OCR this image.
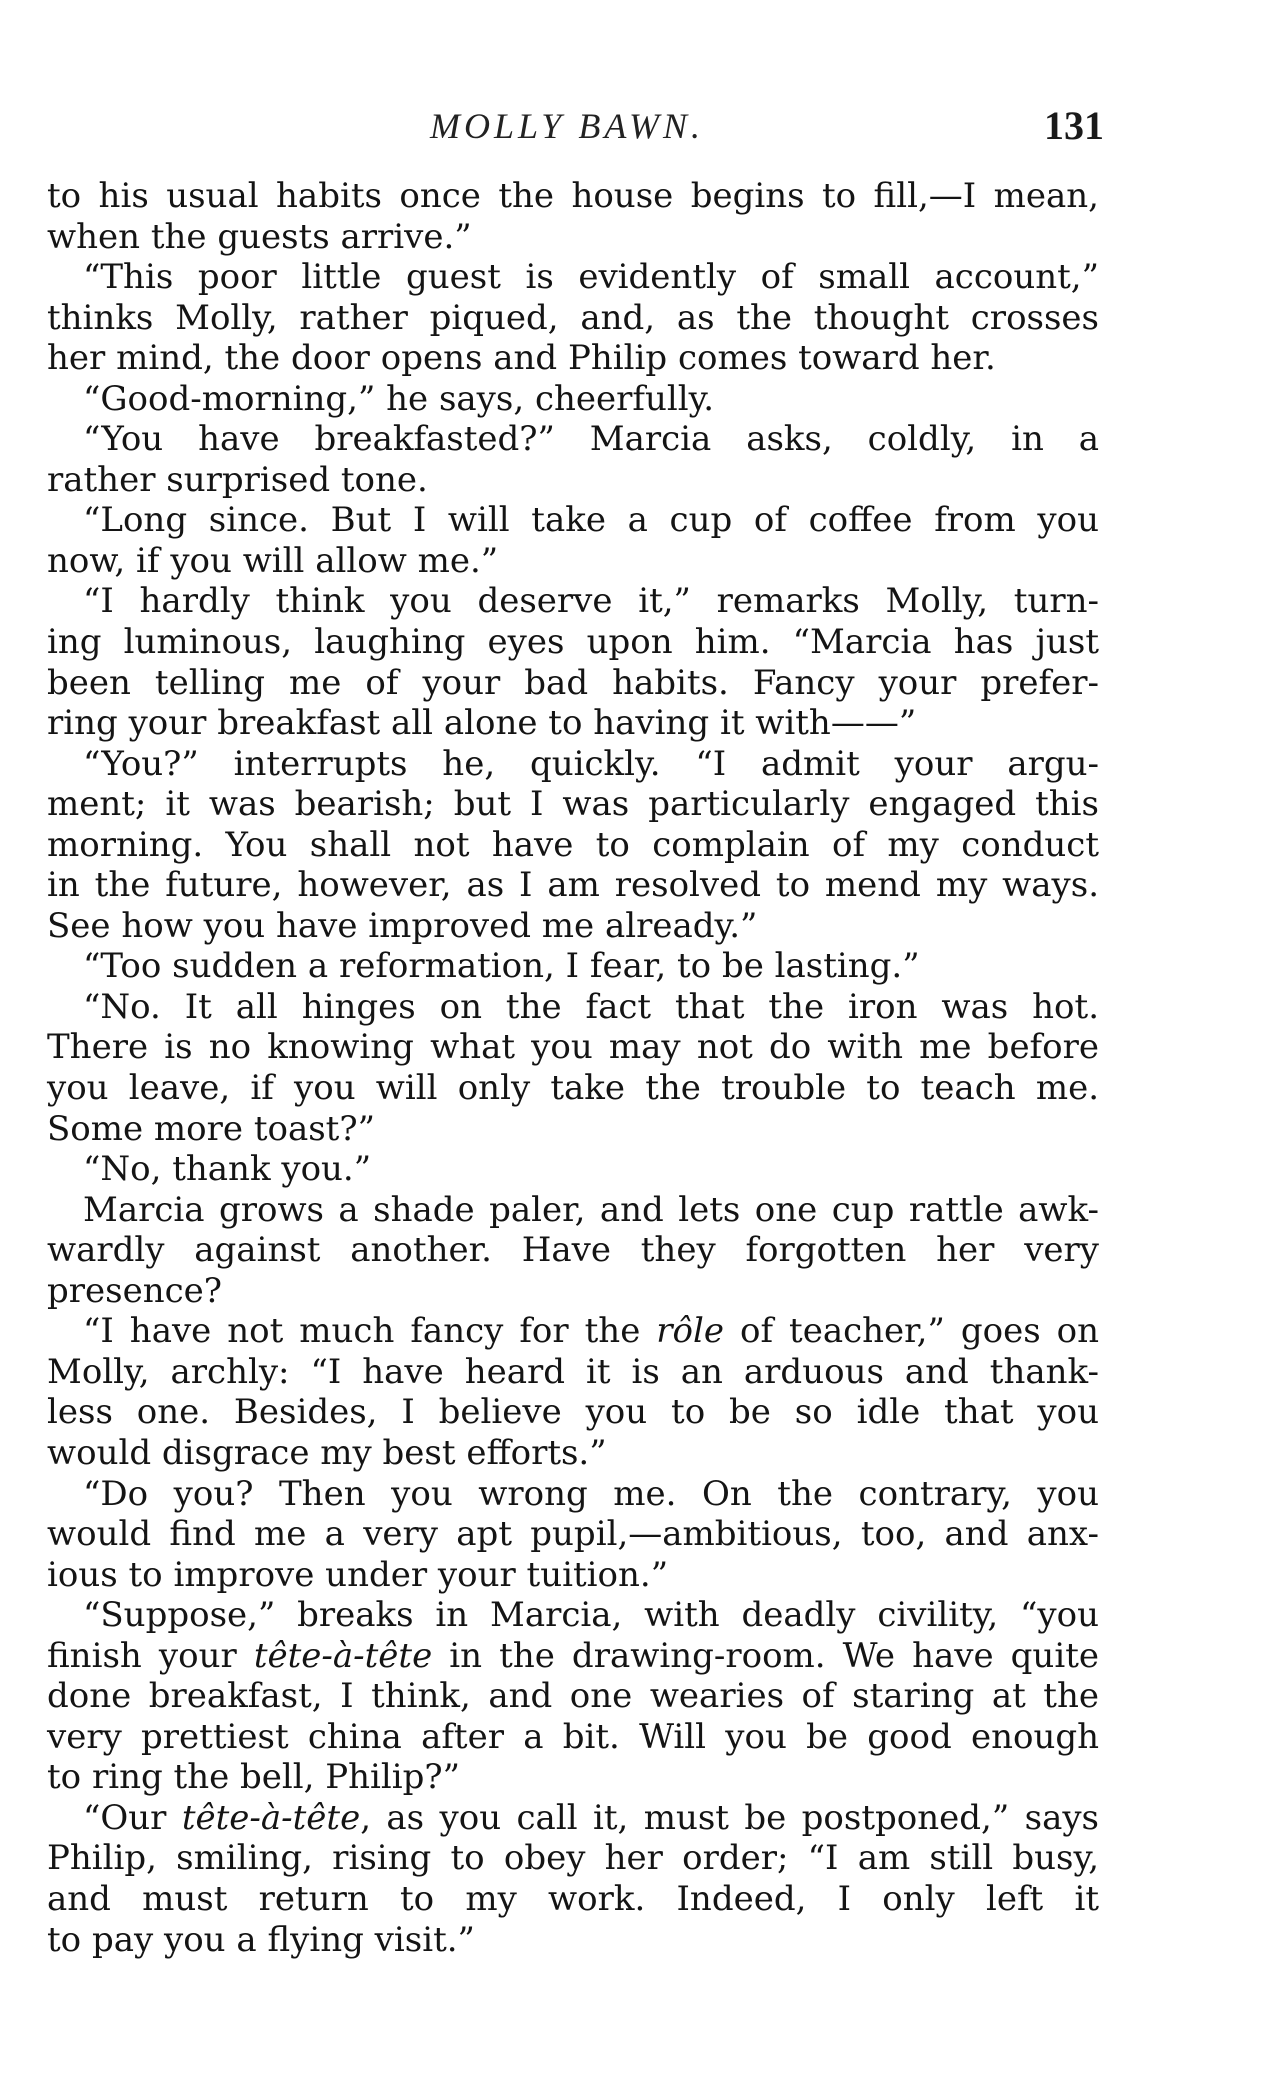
MOLLY BAWN.	131
to his usual habits once the house begins to fill,—I mean,
when the guests arrive.”
“This poor little guest is evidently of small account,”
thinks Molly, rather piqued, and, as the thought crosses
her mind, the door opens and Philip comes toward her.
“Good-morning,” he says, cheerfully.
“You have breakfasted?” Marcia asks, coldly, in a
rather surprised tone.
“Long since. But I will take a cup of coffee from you
now, if you will allow me.”
“I hardly think you deserve it,” remarks Molly, turn-
ing luminous, laughing eyes upon him. “Marcia has just
been telling me of your bad habits. Fancy your prefer-
ring your breakfast all alone to having it with——”
“You?” interrupts he, quickly. “I admit your argu-
ment; it was bearish; but I was particularly engaged this
morning. You shall not have to complain of my conduct
in the future, however, as I am resolved to mend my ways.
See how you have improved me already.”
“Too sudden a reformation, I fear, to be lasting.”
“No. It all hinges on the fact that the iron was hot.
There is no knowing what you may not do with me before
you leave, if you will only take the trouble to teach me.
Some more toast?”
“No, thank you.”
Marcia grows a shade paler, and lets one cup rattle awk-
wardly against another. Have they forgotten her very
presence?
“I have not much fancy for the rôle of teacher,” goes on
Molly, archly: “I have heard it is an arduous and thank-
less one. Besides, I believe you to be so idle that you
would disgrace my best efforts.”
“Do you? Then you wrong me. On the contrary, you
would find me a very apt pupil,—ambitious, too, and anx-
ious to improve under your tuition.”
“Suppose,” breaks in Marcia, with deadly civility, “you
finish your tête-à-tête in the drawing-room. We have quite
done breakfast, I think, and one wearies of staring at the
very prettiest china after a bit. Will you be good enough
to ring the bell, Philip?”
“Our tête-à-tête, as you call it, must be postponed,” says
Philip, smiling, rising to obey her order; “I am still busy,
and must return to my work. Indeed, I only left it
to pay you a flying visit.”
